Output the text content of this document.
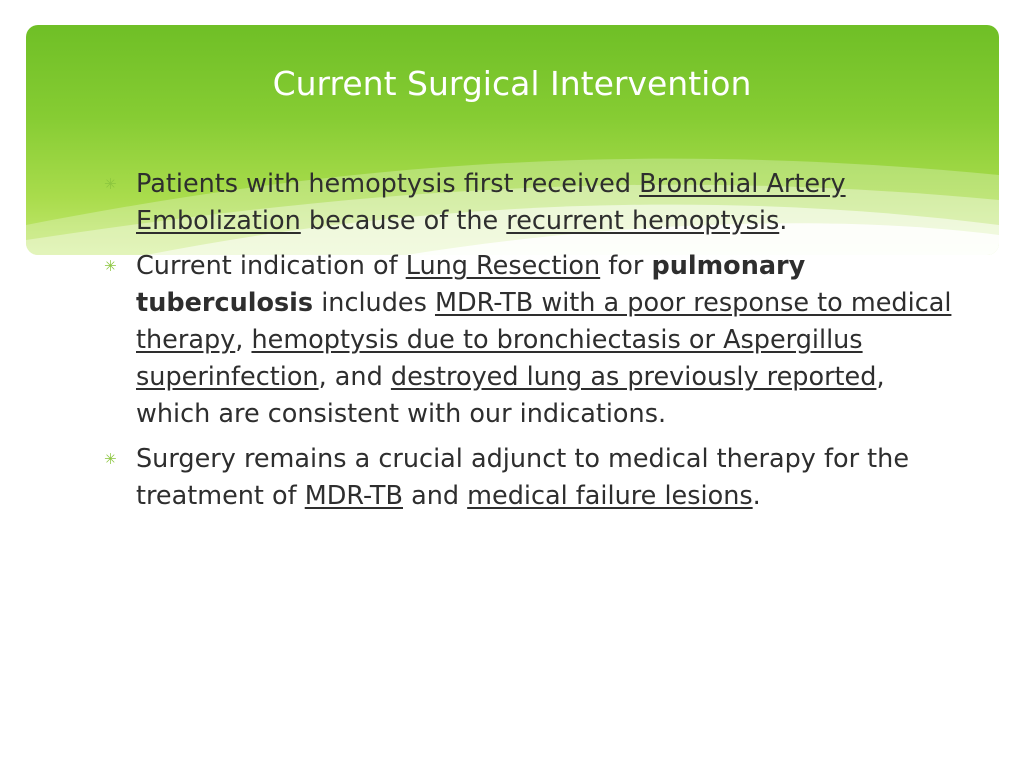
Current Surgical Intervention
✳ Patients with hemoptysis first received Bronchial Artery Embolization because of the recurrent hemoptysis.
✳ Current indication of Lung Resection for pulmonary tuberculosis includes MDR-TB with a poor response to medical therapy, hemoptysis due to bronchiectasis or Aspergillus superinfection, and destroyed lung as previously reported, which are consistent with our indications.
✳ Surgery remains a crucial adjunct to medical therapy for the treatment of MDR-TB and medical failure lesions.
